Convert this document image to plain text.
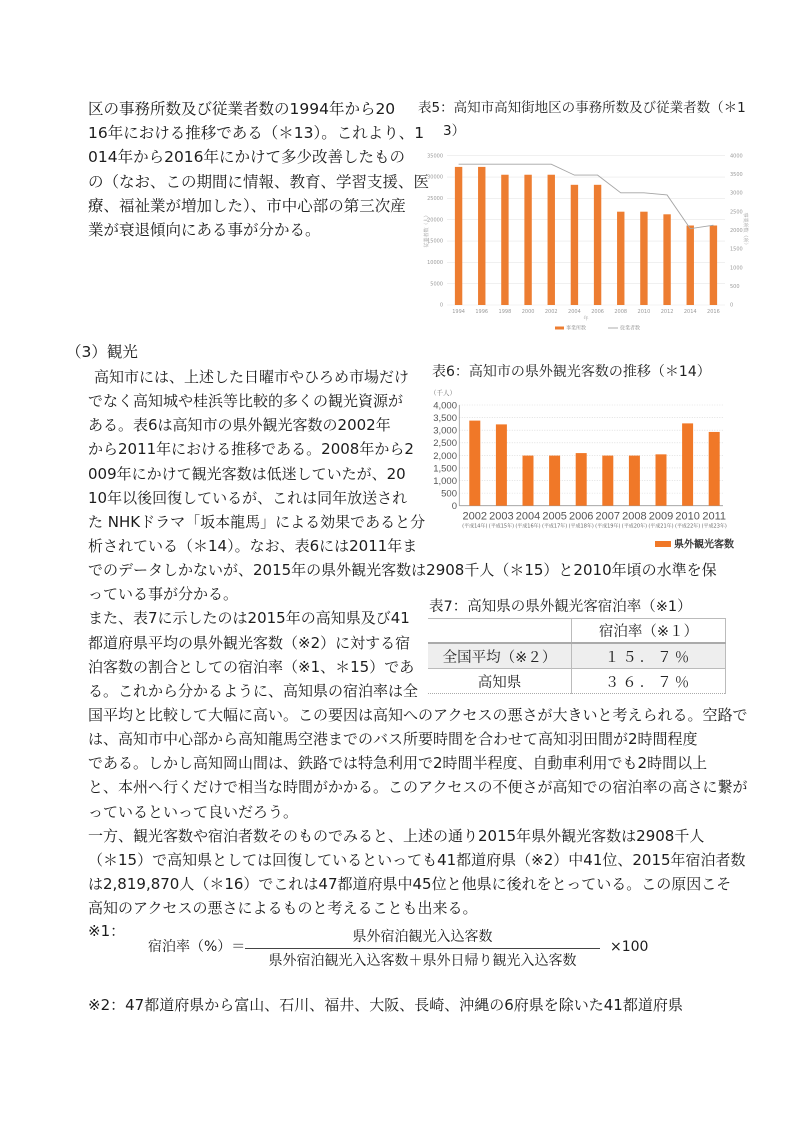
区の事務所数及び従業者数の1994年から20
16年における推移である（＊13）。これより、1
014年から2016年にかけて多少改善したもの
の（なお、この期間に情報、教育、学習支援、医
療、福祉業が増加した）、市中心部の第三次産
業が衰退傾向にある事が分かる。
表5：高知市高知街地区の事務所数及び従業者数（＊1
3）
0
5000
10000
15000
20000
25000
30000
35000
0
500
1000
1500
2000
2500
3000
3500
4000
1994 1996 1998 2000 2002 2004 2006 2008 2010 2012 2014 2016
年
従業者数（人）	事業所数（所）
事業所数	従業者数
（3）観光
高知市には、上述した日曜市やひろめ市場だけ
でなく高知城や桂浜等比較的多くの観光資源が
ある。表6は高知市の県外観光客数の2002年
から2011年における推移である。2008年から2
009年にかけて観光客数は低迷していたが、20
10年以後回復しているが、これは同年放送され
た NHKドラマ「坂本龍馬」による効果であると分
析されている（＊14）。なお、表6には2011年ま
でのデータしかないが、2015年の県外観光客数は2908千人（＊15）と2010年頃の水準を保
っている事が分かる。
また、表7に示したのは2015年の高知県及び41
都道府県平均の県外観光客数（※2）に対する宿
泊客数の割合としての宿泊率（※1、＊15）であ
る。これから分かるように、高知県の宿泊率は全
国平均と比較して大幅に高い。この要因は高知へのアクセスの悪さが大きいと考えられる。空路で
は、高知市中心部から高知龍馬空港までのバス所要時間を合わせて高知羽田間が2時間程度
である。しかし高知岡山間は、鉄路では特急利用で2時間半程度、自動車利用でも2時間以上
と、本州へ行くだけで相当な時間がかかる。このアクセスの不便さが高知での宿泊率の高さに繋が
っているといって良いだろう。
一方、観光客数や宿泊者数そのものでみると、上述の通り2015年県外観光客数は2908千人
（＊15）で高知県としては回復しているといっても41都道府県（※2）中41位、2015年宿泊者数
は2,819,870人（＊16）でこれは47都道府県中45位と他県に後れをとっている。この原因こそ
高知のアクセスの悪さによるものと考えることも出来る。
表6：高知市の県外観光客数の推移（＊14）
（千人）
0
500
1,000
1,500
2,000
2,500
3,000
3,500
4,000
2002
(平成14年)
2003
(平成15年)
2004
(平成16年)
2005
(平成17年)
2006
(平成18年)
2007
(平成19年)
2008
(平成20年)
2009
(平成21年)
2010
(平成22年)
2011
(平成23年)
県外観光客数
表7：高知県の県外観光客宿泊率（※1）
	宿泊率（※１）
全国平均（※２）	１５．７％
高知県	３６．７％
※1：
宿泊率（%）＝
県外宿泊観光入込客数
県外宿泊観光入込客数＋県外日帰り観光入込客数
×100
※2：47都道府県から富山、石川、福井、大阪、長崎、沖縄の6府県を除いた41都道府県
